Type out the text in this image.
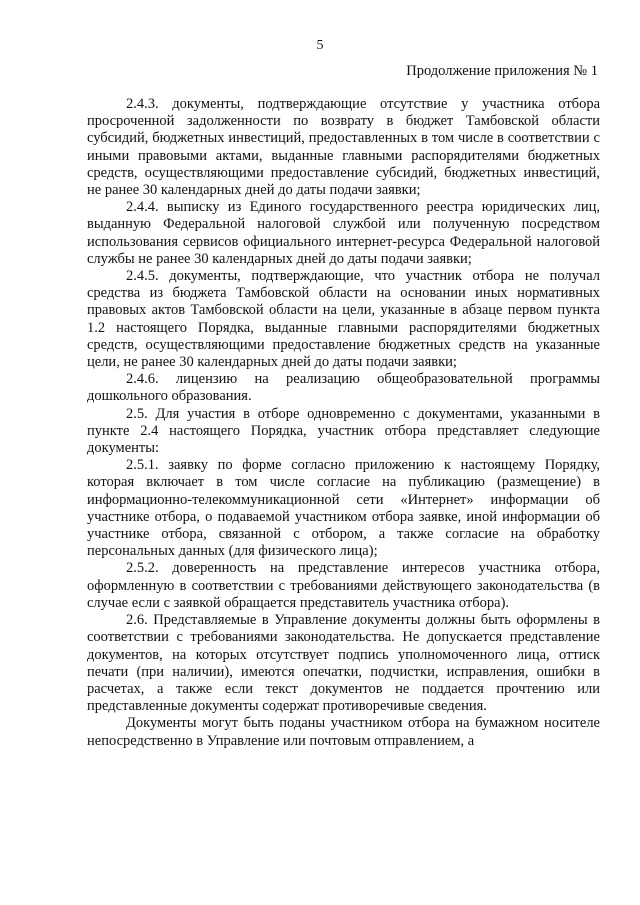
5
Продолжение приложения № 1

2.4.3. документы, подтверждающие отсутствие у участника отбора просроченной задолженности по возврату в бюджет Тамбовской области субсидий, бюджетных инвестиций, предоставленных в том числе в соответствии с иными правовыми актами, выданные главными распорядителями бюджетных средств, осуществляющими предоставление субсидий, бюджетных инвестиций, не ранее 30 календарных дней до даты подачи заявки;

2.4.4. выписку из Единого государственного реестра юридических лиц, выданную Федеральной налоговой службой или полученную посредством использования сервисов официального интернет-ресурса Федеральной налоговой службы не ранее 30 календарных дней до даты подачи заявки;

2.4.5. документы, подтверждающие, что участник отбора не получал средства из бюджета Тамбовской области на основании иных нормативных правовых актов Тамбовской области на цели, указанные в абзаце первом пункта 1.2 настоящего Порядка, выданные главными распорядителями бюджетных средств, осуществляющими предоставление бюджетных средств на указанные цели, не ранее 30 календарных дней до даты подачи заявки;

2.4.6. лицензию на реализацию общеобразовательной программы дошкольного образования.

2.5. Для участия в отборе одновременно с документами, указанными в пункте 2.4 настоящего Порядка, участник отбора представляет следующие документы:

2.5.1. заявку по форме согласно приложению к настоящему Порядку, которая включает в том числе согласие на публикацию (размещение) в информационно-телекоммуникационной сети «Интернет» информации об участнике отбора, о подаваемой участником отбора заявке, иной информации об участнике отбора, связанной с отбором, а также согласие на обработку персональных данных (для физического лица);

2.5.2. доверенность на представление интересов участника отбора, оформленную в соответствии с требованиями действующего законодательства (в случае если с заявкой обращается представитель участника отбора).

2.6. Представляемые в Управление документы должны быть оформлены в соответствии с требованиями законодательства. Не допускается представление документов, на которых отсутствует подпись уполномоченного лица, оттиск печати (при наличии), имеются опечатки, подчистки, исправления, ошибки в расчетах, а также если текст документов не поддается прочтению или представленные документы содержат противоречивые сведения.

Документы могут быть поданы участником отбора на бумажном носителе непосредственно в Управление или почтовым отправлением, а
